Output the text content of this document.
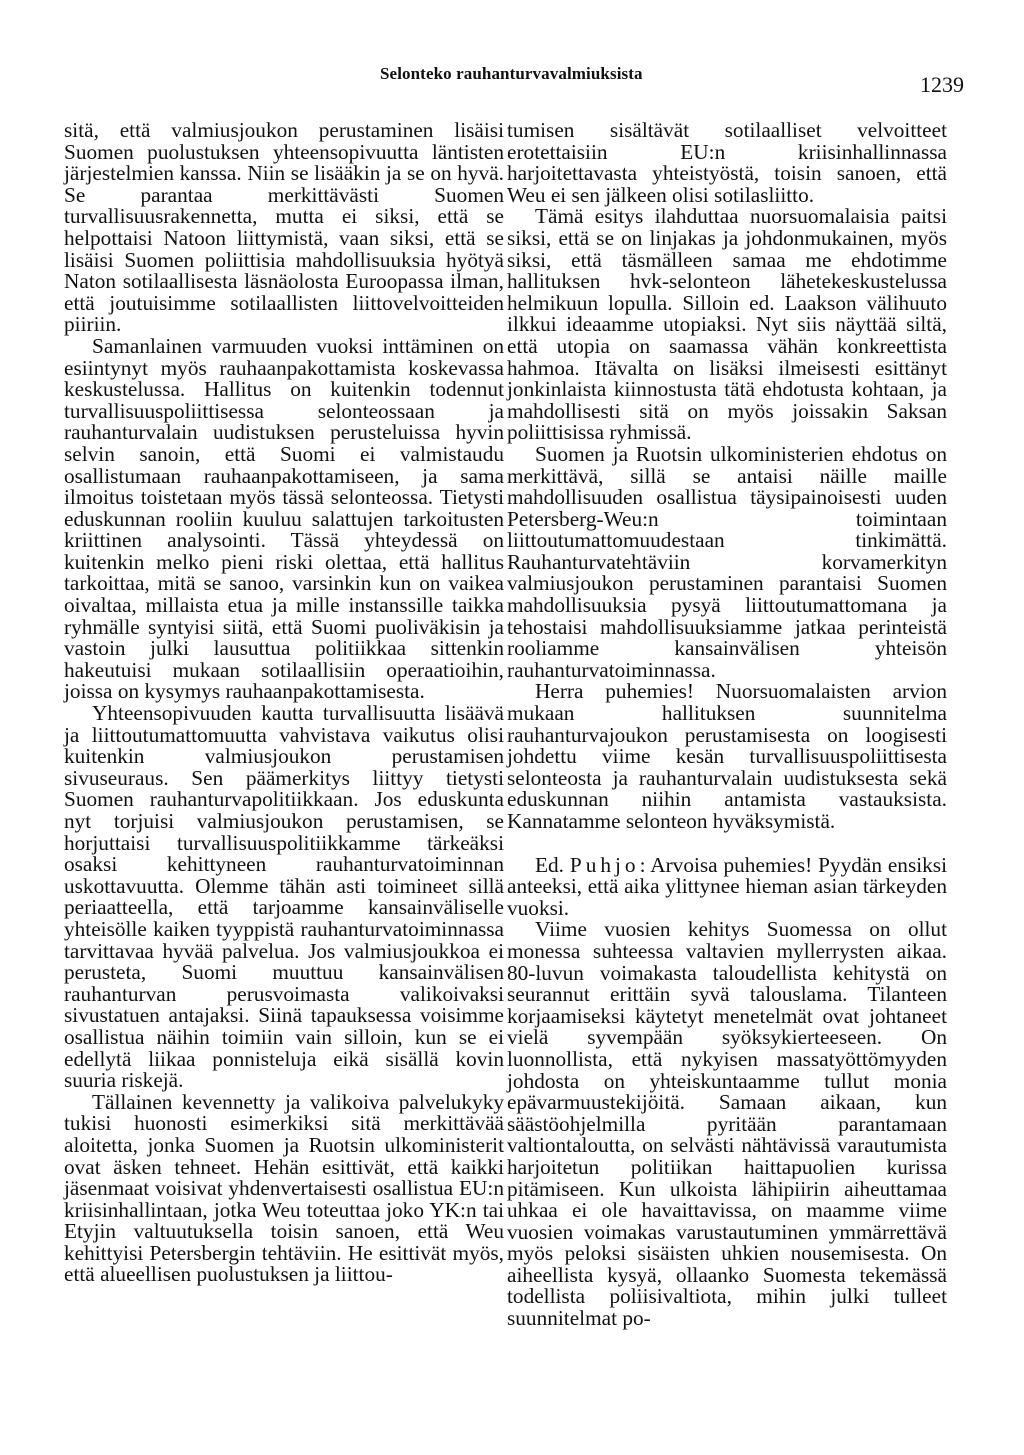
Selonteko rauhanturvavalmiuksista	1239

sitä, että valmiusjoukon perustaminen lisäisi Suomen puolustuksen yhteensopivuutta läntisten järjestelmien kanssa. Niin se lisääkin ja se on hyvä. Se parantaa merkittävästi Suomen turvallisuusrakennetta, mutta ei siksi, että se helpottaisi Natoon liittymistä, vaan siksi, että se lisäisi Suomen poliittisia mahdollisuuksia hyötyä Naton sotilaallisesta läsnäolosta Euroopassa ilman, että joutuisimme sotilaallisten liittovelvoitteiden piiriin.

Samanlainen varmuuden vuoksi inttäminen on esiintynyt myös rauhaanpakottamista koskevassa keskustelussa. Hallitus on kuitenkin todennut turvallisuuspoliittisessa selonteossaan ja rauhanturvalain uudistuksen perusteluissa hyvin selvin sanoin, että Suomi ei valmistaudu osallistumaan rauhaanpakottamiseen, ja sama ilmoitus toistetaan myös tässä selonteossa. Tietysti eduskunnan rooliin kuuluu salattujen tarkoitusten kriittinen analysointi. Tässä yhteydessä on kuitenkin melko pieni riski olettaa, että hallitus tarkoittaa, mitä se sanoo, varsinkin kun on vaikea oivaltaa, millaista etua ja mille instanssille taikka ryhmälle syntyisi siitä, että Suomi puoliväkisin ja vastoin julki lausuttua politiikkaa sittenkin hakeutuisi mukaan sotilaallisiin operaatioihin, joissa on kysymys rauhaanpakottamisesta.

Yhteensopivuuden kautta turvallisuutta lisäävä ja liittoutumattomuutta vahvistava vaikutus olisi kuitenkin valmiusjoukon perustamisen sivuseuraus. Sen päämerkitys liittyy tietysti Suomen rauhanturvapolitiikkaan. Jos eduskunta nyt torjuisi valmiusjoukon perustamisen, se horjuttaisi turvallisuuspolitiikkamme tärkeäksi osaksi kehittyneen rauhanturvatoiminnan uskottavuutta. Olemme tähän asti toimineet sillä periaatteella, että tarjoamme kansainväliselle yhteisölle kaiken tyyppistä rauhanturvatoiminnassa tarvittavaa hyvää palvelua. Jos valmiusjoukkoa ei perusteta, Suomi muuttuu kansainvälisen rauhanturvan perusvoimasta valikoivaksi sivustatuen antajaksi. Siinä tapauksessa voisimme osallistua näihin toimiin vain silloin, kun se ei edellytä liikaa ponnisteluja eikä sisällä kovin suuria riskejä.

Tällainen kevennetty ja valikoiva palvelukyky tukisi huonosti esimerkiksi sitä merkittävää aloitetta, jonka Suomen ja Ruotsin ulkoministerit ovat äsken tehneet. Hehän esittivät, että kaikki jäsenmaat voisivat yhdenvertaisesti osallistua EU:n kriisinhallintaan, jotka Weu toteuttaa joko YK:n tai Etyjin valtuutuksella toisin sanoen, että Weu kehittyisi Petersbergin tehtäviin. He esittivät myös, että alueellisen puolustuksen ja liittou-

tumisen sisältävät sotilaalliset velvoitteet erotettaisiin EU:n kriisinhallinnassa harjoitettavasta yhteistyöstä, toisin sanoen, että Weu ei sen jälkeen olisi sotilasliitto.

Tämä esitys ilahduttaa nuorsuomalaisia paitsi siksi, että se on linjakas ja johdonmukainen, myös siksi, että täsmälleen samaa me ehdotimme hallituksen hvk-selonteon lähetekeskustelussa helmikuun lopulla. Silloin ed. Laakson välihuuto ilkkui ideaamme utopiaksi. Nyt siis näyttää siltä, että utopia on saamassa vähän konkreettista hahmoa. Itävalta on lisäksi ilmeisesti esittänyt jonkinlaista kiinnostusta tätä ehdotusta kohtaan, ja mahdollisesti sitä on myös joissakin Saksan poliittisissa ryhmissä.

Suomen ja Ruotsin ulkoministerien ehdotus on merkittävä, sillä se antaisi näille maille mahdollisuuden osallistua täysipainoisesti uuden Petersberg-Weu:n toimintaan liittoutumattomuudestaan tinkimättä. Rauhanturvatehtäviin korvamerkityn valmiusjoukon perustaminen parantaisi Suomen mahdollisuuksia pysyä liittoutumattomana ja tehostaisi mahdollisuuksiamme jatkaa perinteistä rooliamme kansainvälisen yhteisön rauhanturvatoiminnassa.

Herra puhemies! Nuorsuomalaisten arvion mukaan hallituksen suunnitelma rauhanturvajoukon perustamisesta on loogisesti johdettu viime kesän turvallisuuspoliittisesta selonteosta ja rauhanturvalain uudistuksesta sekä eduskunnan niihin antamista vastauksista. Kannatamme selonteon hyväksymistä.

Ed. Puhjo: Arvoisa puhemies! Pyydän ensiksi anteeksi, että aika ylittynee hieman asian tärkeyden vuoksi.

Viime vuosien kehitys Suomessa on ollut monessa suhteessa valtavien myllerrysten aikaa. 80-luvun voimakasta taloudellista kehitystä on seurannut erittäin syvä talouslama. Tilanteen korjaamiseksi käytetyt menetelmät ovat johtaneet vielä syvempään syöksykierteeseen. On luonnollista, että nykyisen massatyöttömyyden johdosta on yhteiskuntaamme tullut monia epävarmuustekijöitä. Samaan aikaan, kun säästöohjelmilla pyritään parantamaan valtiontaloutta, on selvästi nähtävissä varautumista harjoitetun politiikan haittapuolien kurissa pitämiseen. Kun ulkoista lähipiirin aiheuttamaa uhkaa ei ole havaittavissa, on maamme viime vuosien voimakas varustautuminen ymmärrettävä myös peloksi sisäisten uhkien nousemisesta. On aiheellista kysyä, ollaanko Suomesta tekemässä todellista poliisivaltiota, mihin julki tulleet suunnitelmat po-
